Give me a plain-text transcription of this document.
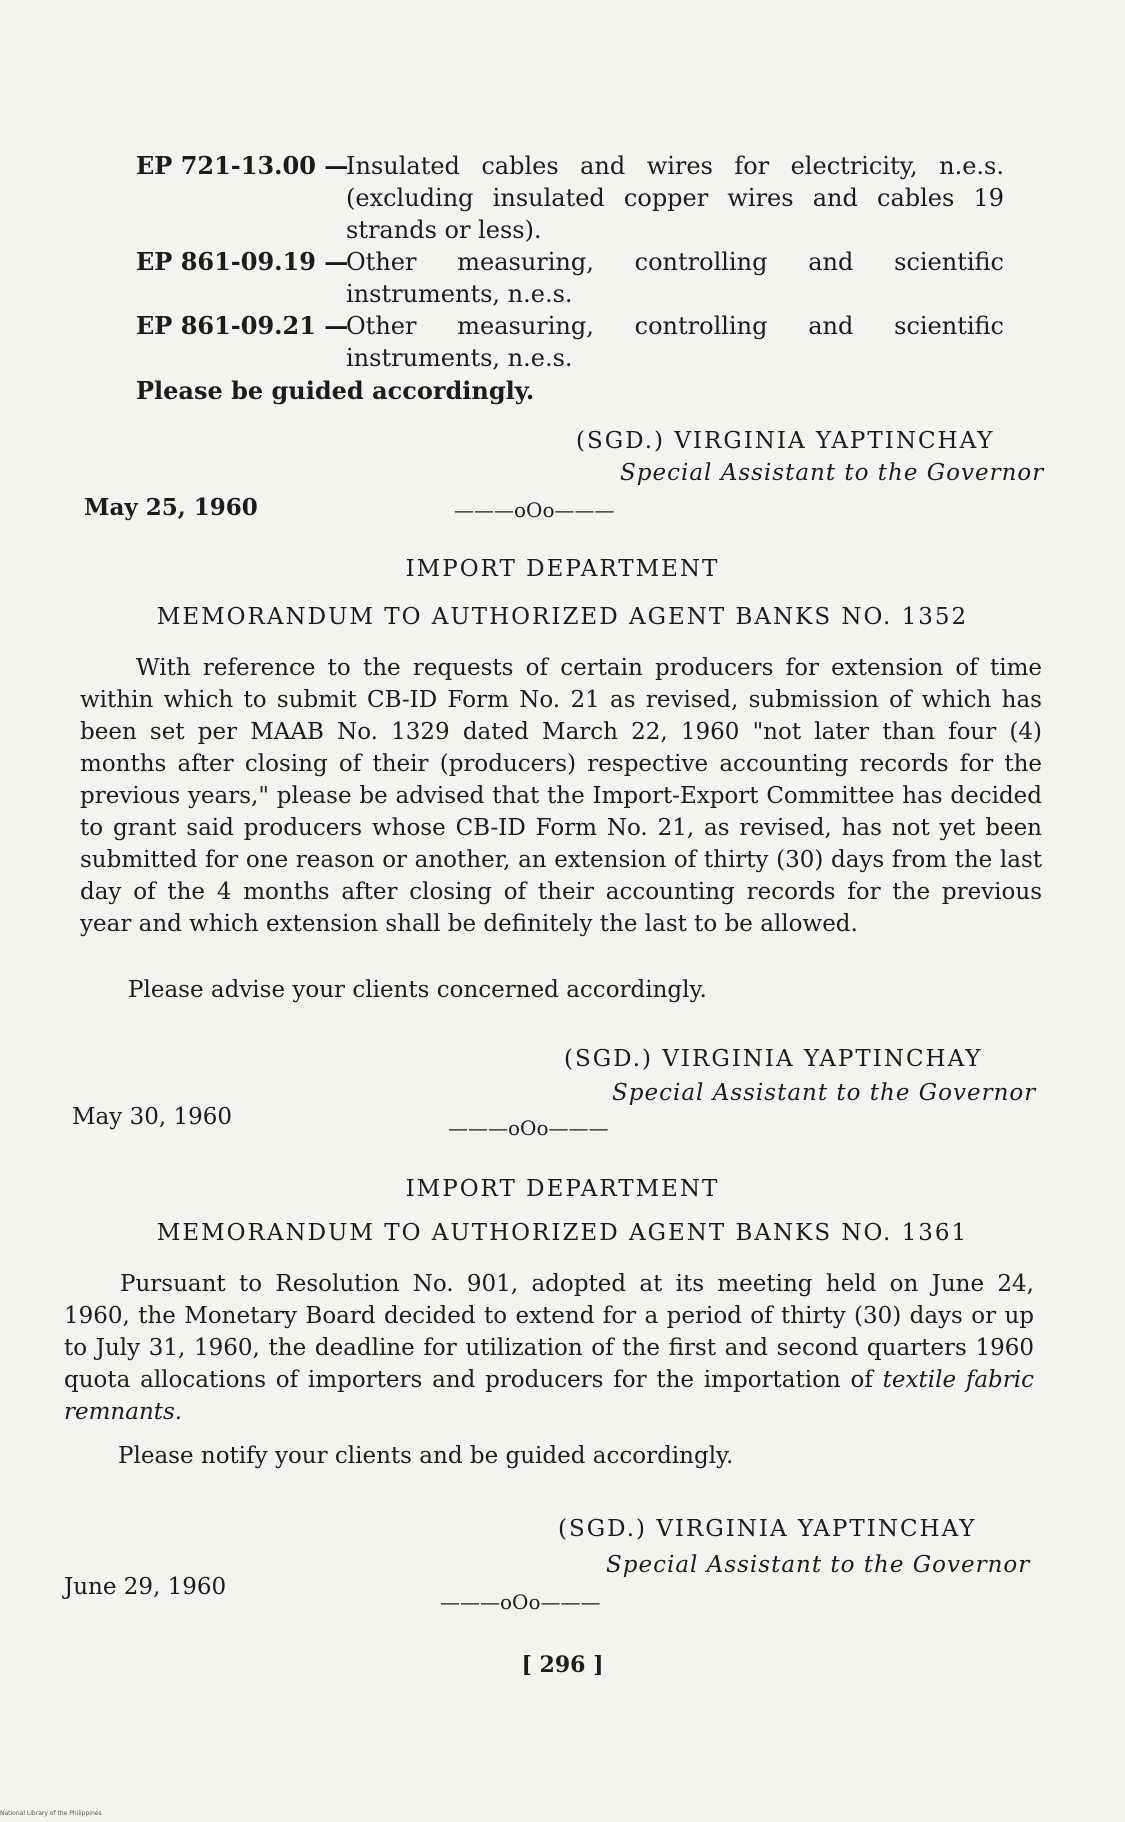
EP 721-13.00 —
Insulated cables and wires for electricity, n.e.s. (excluding insulated copper wires and cables 19 strands or less).
EP 861-09.19 —
Other measuring, controlling and scientific instruments, n.e.s.
EP 861-09.21 —
Other measuring, controlling and scientific instruments, n.e.s.
Please be guided accordingly.
(SGD.) VIRGINIA YAPTINCHAY
Special Assistant to the Governor
May 25, 1960	———oOo———
IMPORT DEPARTMENT
MEMORANDUM TO AUTHORIZED AGENT BANKS NO. 1352
With reference to the requests of certain producers for extension of time within which to submit CB-ID Form No. 21 as revised, submission of which has been set per MAAB No. 1329 dated March 22, 1960 "not later than four (4) months after closing of their (producers) respective accounting records for the previous years," please be advised that the Import-Export Committee has decided to grant said producers whose CB-ID Form No. 21, as revised, has not yet been submitted for one reason or another, an extension of thirty (30) days from the last day of the 4 months after closing of their accounting records for the previous year and which extension shall be definitely the last to be allowed.
Please advise your clients concerned accordingly.
(SGD.) VIRGINIA YAPTINCHAY
Special Assistant to the Governor
May 30, 1960	———oOo———
IMPORT DEPARTMENT
MEMORANDUM TO AUTHORIZED AGENT BANKS NO. 1361
Pursuant to Resolution No. 901, adopted at its meeting held on June 24, 1960, the Monetary Board decided to extend for a period of thirty (30) days or up to July 31, 1960, the deadline for utilization of the first and second quarters 1960 quota allocations of importers and producers for the importation of textile fabric remnants.
Please notify your clients and be guided accordingly.
(SGD.) VIRGINIA YAPTINCHAY
Special Assistant to the Governor
June 29, 1960
———oOo———
[ 296 ]
National Library of the Philippines
